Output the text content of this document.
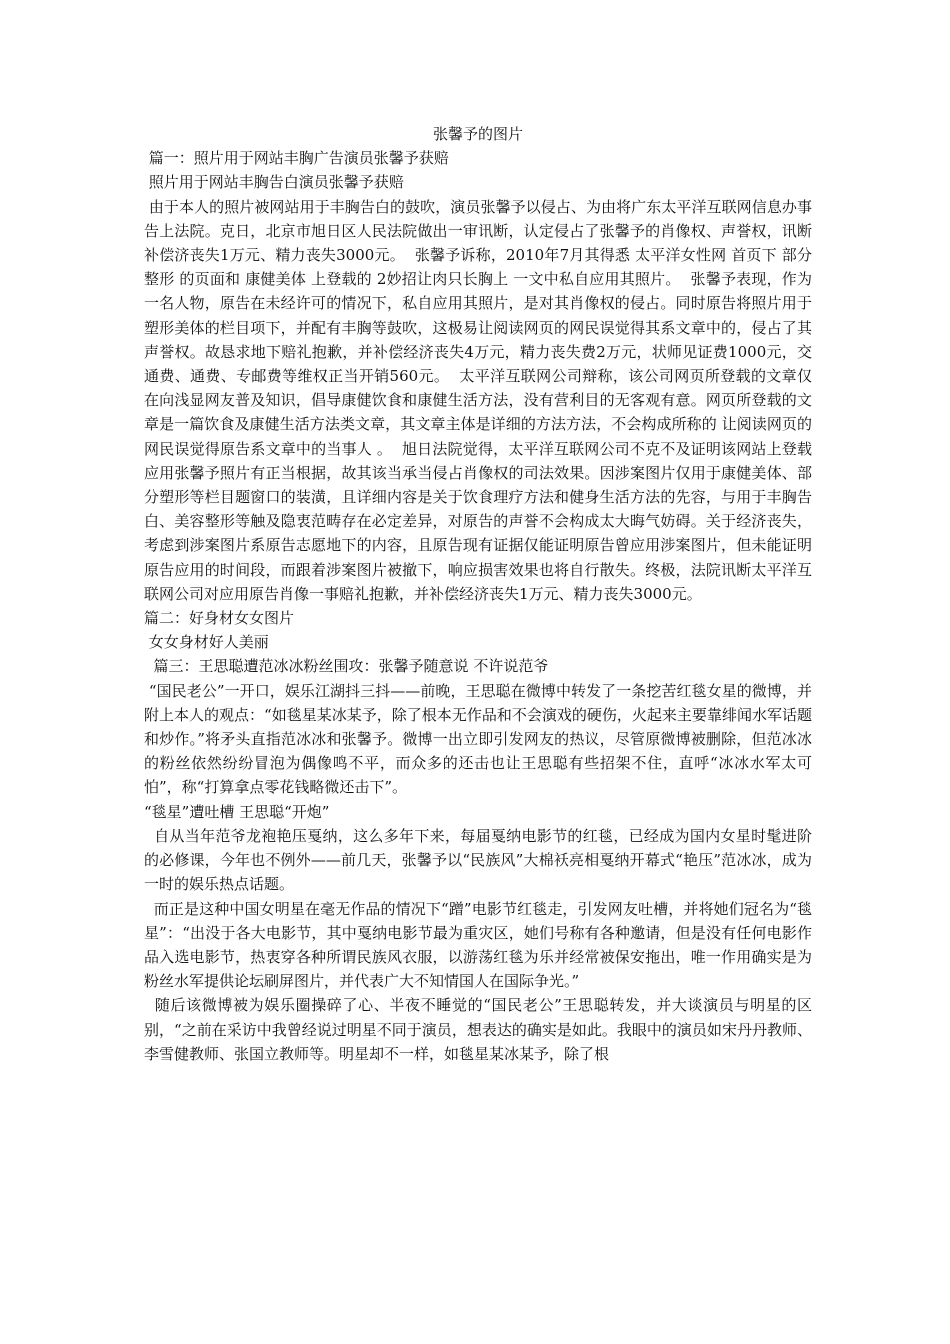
张馨予的图片
篇一：照片用于网站丰胸广告演员张馨予获赔
照片用于网站丰胸告白演员张馨予获赔
由于本人的照片被网站用于丰胸告白的鼓吹，演员张馨予以侵占、为由将广东太平洋互联网信息办事告上法院。克日，北京市旭日区人民法院做出一审讯断，认定侵占了张馨予的肖像权、声誉权，讯断补偿济丧失1万元、精力丧失3000元。  张馨予诉称，2010年7月其得悉 太平洋女性网 首页下 部分整形 的页面和 康健美体 上登载的 2妙招让肉只长胸上 一文中私自应用其照片。  张馨予表现，作为一名人物，原告在未经许可的情况下，私自应用其照片，是对其肖像权的侵占。同时原告将照片用于塑形美体的栏目项下，并配有丰胸等鼓吹，这极易让阅读网页的网民误觉得其系文章中的，侵占了其声誉权。故恳求地下赔礼抱歉，并补偿经济丧失4万元，精力丧失费2万元，状师见证费1000元，交通费、通费、专邮费等维权正当开销560元。  太平洋互联网公司辩称，该公司网页所登载的文章仅在向浅显网友普及知识，倡导康健饮食和康健生活方法，没有营利目的无客观有意。网页所登载的文章是一篇饮食及康健生活方法类文章，其文章主体是详细的方法方法，不会构成所称的 让阅读网页的网民误觉得原告系文章中的当事人 。  旭日法院觉得，太平洋互联网公司不克不及证明该网站上登载应用张馨予照片有正当根据，故其该当承当侵占肖像权的司法效果。因涉案图片仅用于康健美体、部分塑形等栏目题窗口的装潢，且详细内容是关于饮食理疗方法和健身生活方法的先容，与用于丰胸告白、美容整形等触及隐衷范畴存在必定差异，对原告的声誉不会构成太大晦气妨碍。关于经济丧失，考虑到涉案图片系原告志愿地下的内容，且原告现有证据仅能证明原告曾应用涉案图片，但未能证明原告应用的时间段，而跟着涉案图片被撤下，响应损害效果也将自行散失。终极，法院讯断太平洋互联网公司对应用原告肖像一事赔礼抱歉，并补偿经济丧失1万元、精力丧失3000元。
篇二：好身材女女图片
女女身材好人美丽
篇三：王思聪遭范冰冰粉丝围攻：张馨予随意说 不许说范爷
“国民老公”一开口，娱乐江湖抖三抖——前晚，王思聪在微博中转发了一条挖苦红毯女星的微博，并附上本人的观点：“如毯星某冰某予，除了根本无作品和不会演戏的硬伤，火起来主要靠绯闻水军话题和炒作。”将矛头直指范冰冰和张馨予。微博一出立即引发网友的热议，尽管原微博被删除，但范冰冰的粉丝依然纷纷冒泡为偶像鸣不平，而众多的还击也让王思聪有些招架不住，直呼“冰冰水军太可怕”，称“打算拿点零花钱略微还击下”。
“毯星”遭吐槽 王思聪“开炮”
自从当年范爷龙袍艳压戛纳，这么多年下来，每届戛纳电影节的红毯，已经成为国内女星时髦进阶的必修课，今年也不例外——前几天，张馨予以“民族风”大棉袄亮相戛纳开幕式“艳压”范冰冰，成为一时的娱乐热点话题。
而正是这种中国女明星在毫无作品的情况下“蹭”电影节红毯走，引发网友吐槽，并将她们冠名为“毯星”：“出没于各大电影节，其中戛纳电影节最为重灾区，她们号称有各种邀请，但是没有任何电影作品入选电影节，热衷穿各种所谓民族风衣服，以游荡红毯为乐并经常被保安拖出，唯一作用确实是为粉丝水军提供论坛刷屏图片，并代表广大不知情国人在国际争光。”
随后该微博被为娱乐圈操碎了心、半夜不睡觉的“国民老公”王思聪转发，并大谈演员与明星的区别，“之前在采访中我曾经说过明星不同于演员，想表达的确实是如此。我眼中的演员如宋丹丹教师、李雪健教师、张国立教师等。明星却不一样，如毯星某冰某予，除了根
